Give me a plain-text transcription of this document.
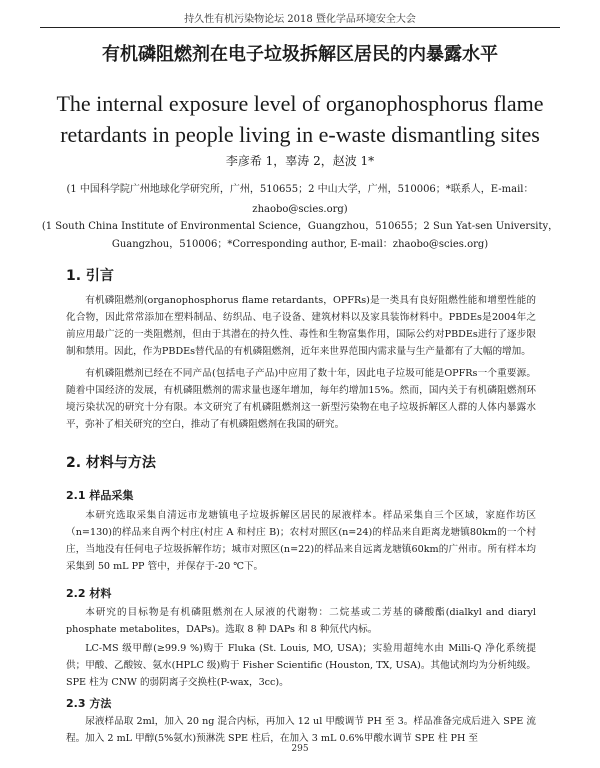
持久性有机污染物论坛 2018 暨化学品环境安全大会
有机磷阻燃剂在电子垃圾拆解区居民的内暴露水平
The internal exposure level of organophosphorus flame retardants in people living in e-waste dismantling sites
李彦希 1，辜涛 2，赵波 1*
(1 中国科学院广州地球化学研究所，广州，510655；2 中山大学，广州，510006；*联系人，E-mail：zhaobo@scies.org)
(1 South China Institute of Environmental Science，Guangzhou，510655；2 Sun Yat-sen University，Guangzhou，510006；*Corresponding author, E-mail：zhaobo@scies.org)
1. 引言
有机磷阻燃剂(organophosphorus flame retardants，OPFRs)是一类具有良好阻燃性能和增塑性能的化合物，因此常常添加在塑料制品、纺织品、电子设备、建筑材料以及家具装饰材料中。PBDEs是2004年之前应用最广泛的一类阻燃剂，但由于其潜在的持久性、毒性和生物富集作用，国际公约对PBDEs进行了逐步限制和禁用。因此，作为PBDEs替代品的有机磷阻燃剂，近年来世界范围内需求量与生产量都有了大幅的增加。
有机磷阻燃剂已经在不同产品(包括电子产品)中应用了数十年，因此电子垃圾可能是OPFRs一个重要源。随着中国经济的发展，有机磷阻燃剂的需求量也逐年增加，每年约增加15%。然而，国内关于有机磷阻燃剂环境污染状况的研究十分有限。本文研究了有机磷阻燃剂这一新型污染物在电子垃圾拆解区人群的人体内暴露水平，弥补了相关研究的空白，推动了有机磷阻燃剂在我国的研究。
2. 材料与方法
2.1 样品采集
本研究选取采集自清远市龙塘镇电子垃圾拆解区居民的尿液样本。样品采集自三个区域，家庭作坊区（n=130)的样品来自两个村庄(村庄 A 和村庄 B)；农村对照区(n=24)的样品来自距离龙塘镇80km的一个村庄，当地没有任何电子垃圾拆解作坊；城市对照区(n=22)的样品来自远离龙塘镇60km的广州市。所有样本均采集到 50 mL PP 管中，并保存于-20 ℃下。
2.2 材料
本研究的目标物是有机磷阻燃剂在人尿液的代谢物：二烷基或二芳基的磷酸酯(dialkyl and diaryl phosphate metabolites，DAPs)。选取 8 种 DAPs 和 8 种氘代内标。
LC-MS 级甲醇(≥99.9 %)购于 Fluka (St. Louis, MO, USA)；实验用超纯水由 Milli-Q 净化系统提供；甲酸、乙酸铵、氨水(HPLC 级)购于 Fisher Scientific (Houston, TX, USA)。其他试剂均为分析纯级。SPE 柱为 CNW 的弱阴离子交换柱(P-wax，3cc)。
2.3 方法
尿液样品取 2ml，加入 20 ng 混合内标，再加入 12 ul 甲酸调节 PH 至 3。样品准备完成后进入 SPE 流程。加入 2 mL 甲醇(5%氨水)预淋洗 SPE 柱后，在加入 3 mL 0.6%甲酸水调节 SPE 柱 PH 至
295
